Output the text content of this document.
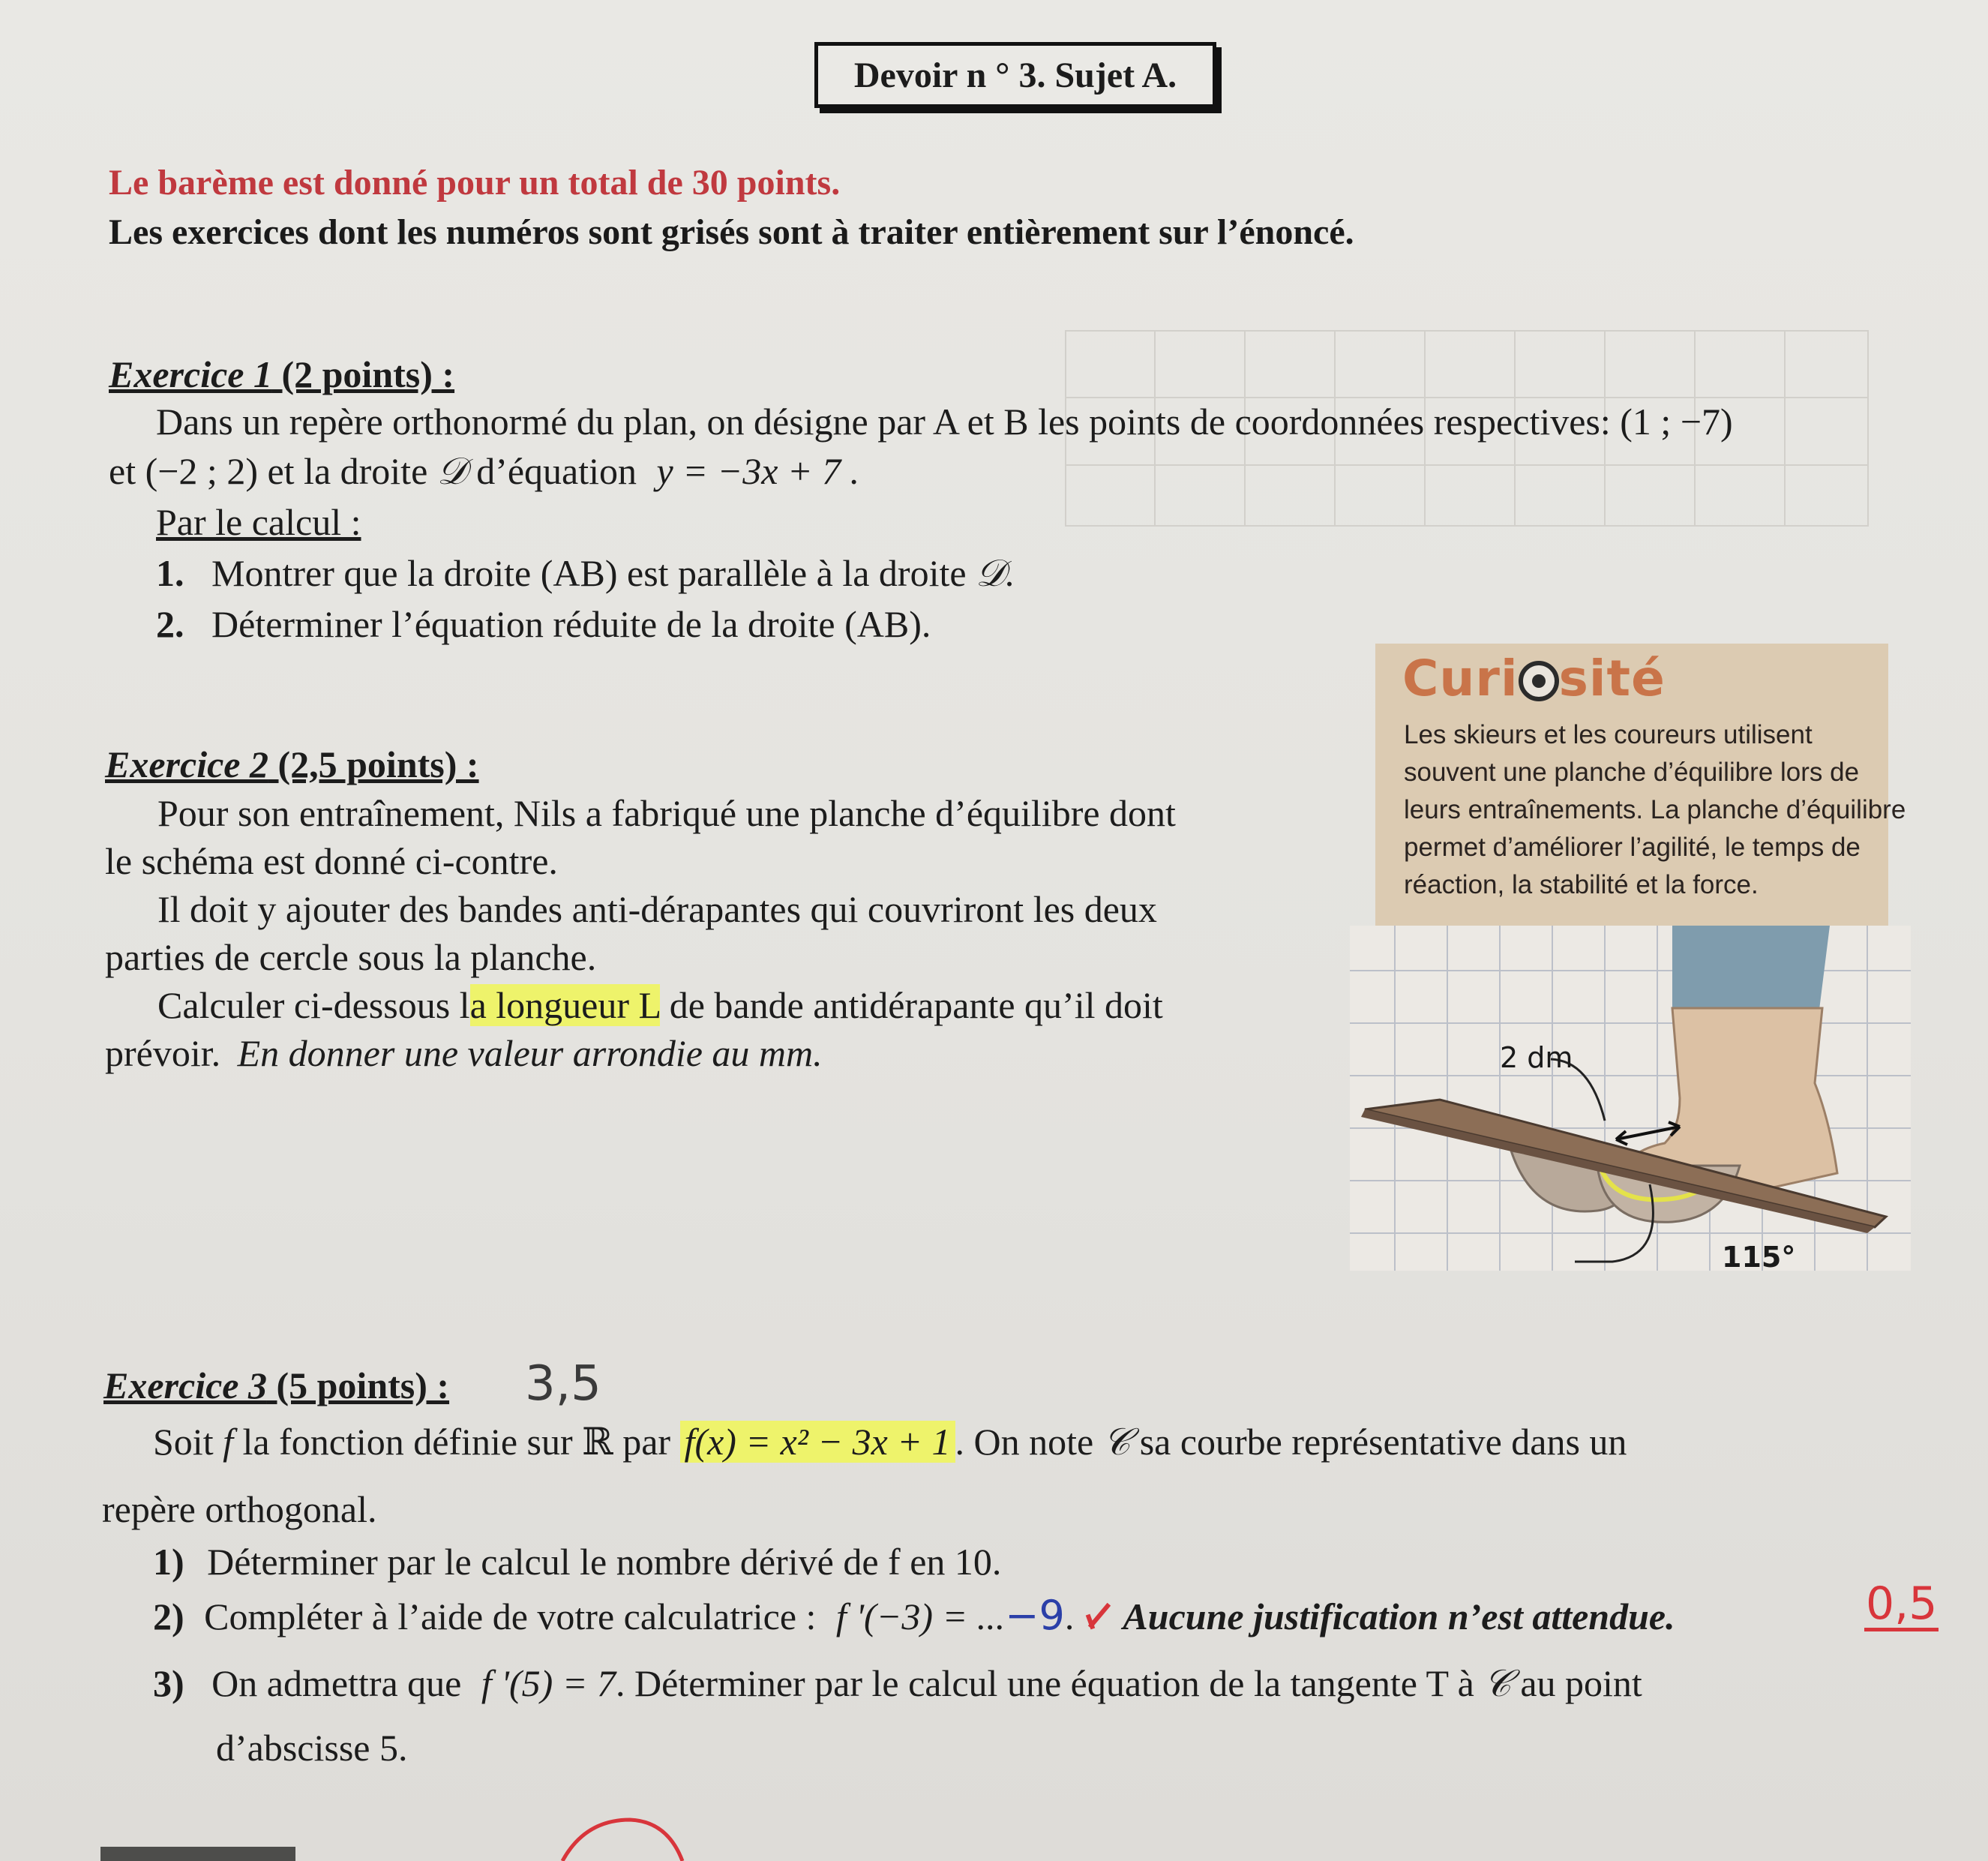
Devoir n ° 3. Sujet A.
Le barème est donné pour un total de 30 points.
Les exercices dont les numéros sont grisés sont à traiter entièrement sur l’énoncé.
Exercice 1 (2 points) :
Dans un repère orthonormé du plan, on désigne par A et B les points de coordonnées respectives: (1 ; −7)
et (−2 ; 2) et la droite 𝒟 d’équation y = −3x + 7 .
Par le calcul :
1. Montrer que la droite (AB) est parallèle à la droite 𝒟.
2. Déterminer l’équation réduite de la droite (AB).
Curi sité
Les skieurs et les coureurs utilisent
souvent une planche d’équilibre lors de
leurs entraînements. La planche d’équilibre
permet d’améliorer l’agilité, le temps de
réaction, la stabilité et la force.
2 dm
115°
Exercice 2 (2,5 points) :
Pour son entraînement, Nils a fabriqué une planche d’équilibre dont
le schéma est donné ci-contre.
Il doit y ajouter des bandes anti-dérapantes qui couvriront les deux
parties de cercle sous la planche.
Calculer ci-dessous la longueur L de bande antidérapante qu’il doit
prévoir. En donner une valeur arrondie au mm.
Exercice 3 (5 points) : 3,5
Soit f la fonction définie sur ℝ par f(x) = x² − 3x + 1 . On note 𝒞 sa courbe représentative dans un
repère orthogonal.
1) Déterminer par le calcul le nombre dérivé de f en 10.
2) Compléter à l’aide de votre calculatrice : f '(−3) = ...−9. Aucune justification n’est attendue.	0,5
3) On admettra que f '(5) = 7. Déterminer par le calcul une équation de la tangente T à 𝒞 au point
d’abscisse 5.
